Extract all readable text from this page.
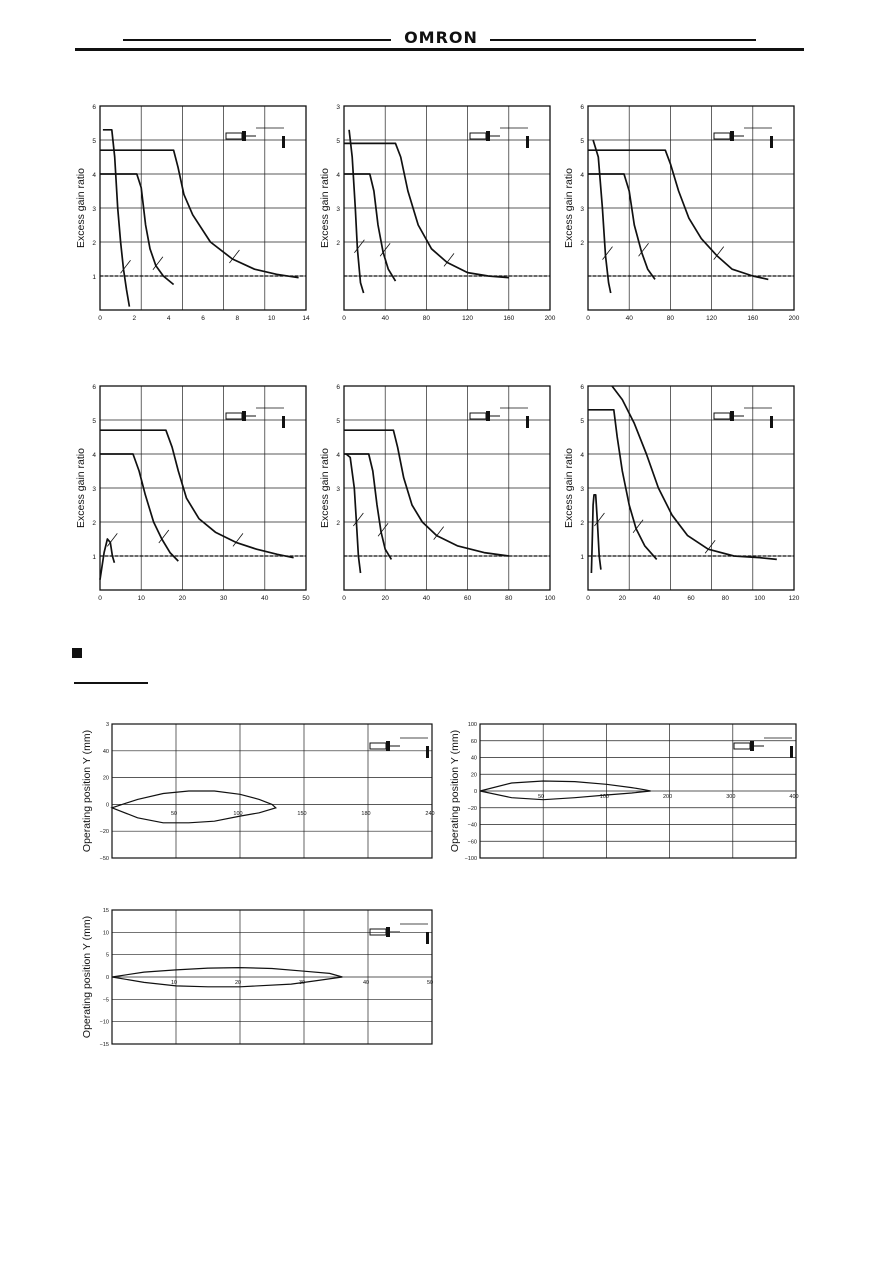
OMRON
1
2
3
4
5
6
0	2	4	6	8	10	14
Excess gain ratio	2
3
4
5
3
0	40	80	120	160	200
Excess gain ratio	2
3
4
5
6
0	40	80	120	160	200
Excess gain ratio
1
2
3
4
5
6
0	10	20	30	40	50
Excess gain ratio	2
3
4
5
6
0	20	40	60	80	100
Excess gain ratio
1
2
3
4
5
6
0	20	40	60	80	100	120
Excess gain ratio
−50
−20
0
20
40
3
50	100	150	180	240
Operating position Y (mm)
−100
−60
−40
−20
0
20
40
60
100
50	100	200	300	400
Operating position Y (mm)
−15
−10
−5
0
5
10
15
10	20	30	40	50
Operating position Y (mm)
